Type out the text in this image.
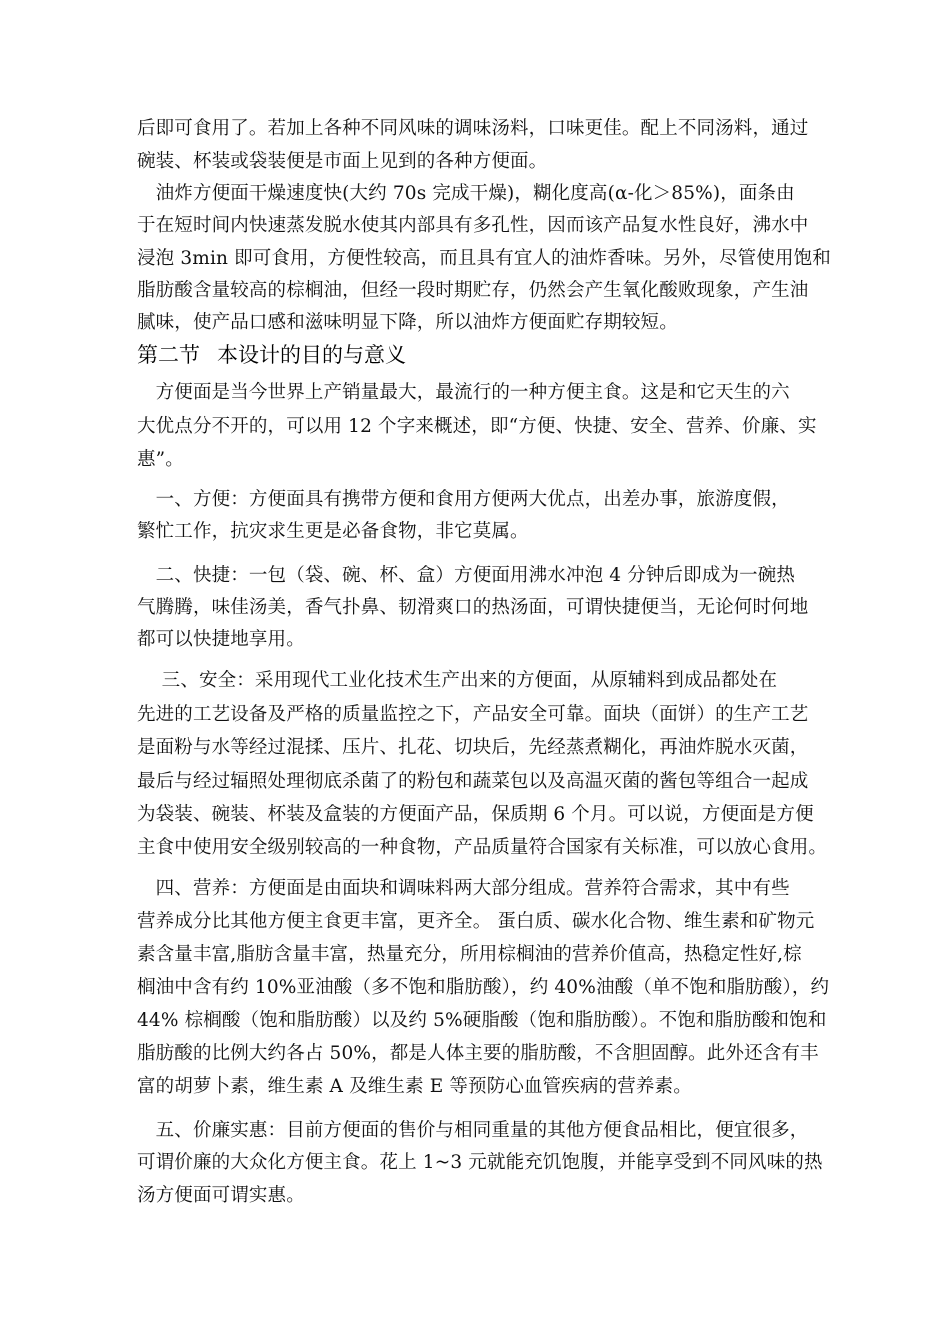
后即可食用了。若加上各种不同风味的调味汤料，口味更佳。配上不同汤料，通过
碗装、杯装或袋装便是市面上见到的各种方便面。
　油炸方便面干燥速度快(大约 70s 完成干燥)，糊化度高(α-化＞85%)，面条由
于在短时间内快速蒸发脱水使其内部具有多孔性，因而该产品复水性良好，沸水中
浸泡 3min 即可食用，方便性较高，而且具有宜人的油炸香味。另外，尽管使用饱和
脂肪酸含量较高的棕榈油，但经一段时期贮存，仍然会产生氧化酸败现象，产生油
腻味，使产品口感和滋味明显下降，所以油炸方便面贮存期较短。
第二节 本设计的目的与意义
　方便面是当今世界上产销量最大，最流行的一种方便主食。这是和它天生的六
大优点分不开的，可以用 12 个字来概述，即“方便、快捷、安全、营养、价廉、实
惠”。
　一、方便：方便面具有携带方便和食用方便两大优点，出差办事，旅游度假，
繁忙工作，抗灾求生更是必备食物，非它莫属。
　二、快捷：一包（袋、碗、杯、盒）方便面用沸水冲泡 4 分钟后即成为一碗热
气腾腾，味佳汤美，香气扑鼻、韧滑爽口的热汤面，可谓快捷便当，无论何时何地
都可以快捷地享用。
　 三、安全：采用现代工业化技术生产出来的方便面，从原辅料到成品都处在
先进的工艺设备及严格的质量监控之下，产品安全可靠。面块（面饼）的生产工艺
是面粉与水等经过混揉、压片、扎花、切块后，先经蒸煮糊化，再油炸脱水灭菌，
最后与经过辐照处理彻底杀菌了的粉包和蔬菜包以及高温灭菌的酱包等组合一起成
为袋装、碗装、杯装及盒装的方便面产品，保质期 6 个月。可以说，方便面是方便
主食中使用安全级别较高的一种食物，产品质量符合国家有关标准，可以放心食用。
　四、营养：方便面是由面块和调味料两大部分组成。营养符合需求，其中有些
营养成分比其他方便主食更丰富，更齐全。 蛋白质、碳水化合物、维生素和矿物元
素含量丰富,脂肪含量丰富，热量充分，所用棕榈油的营养价值高，热稳定性好,棕
榈油中含有约 10%亚油酸（多不饱和脂肪酸），约 40%油酸（单不饱和脂肪酸），约
44% 棕榈酸（饱和脂肪酸）以及约 5%硬脂酸（饱和脂肪酸）。不饱和脂肪酸和饱和
脂肪酸的比例大约各占 50%，都是人体主要的脂肪酸，不含胆固醇。此外还含有丰
富的胡萝卜素，维生素 A 及维生素 E 等预防心血管疾病的营养素。
　五、价廉实惠：目前方便面的售价与相同重量的其他方便食品相比，便宜很多，
可谓价廉的大众化方便主食。花上 1~3 元就能充饥饱腹，并能享受到不同风味的热
汤方便面可谓实惠。
